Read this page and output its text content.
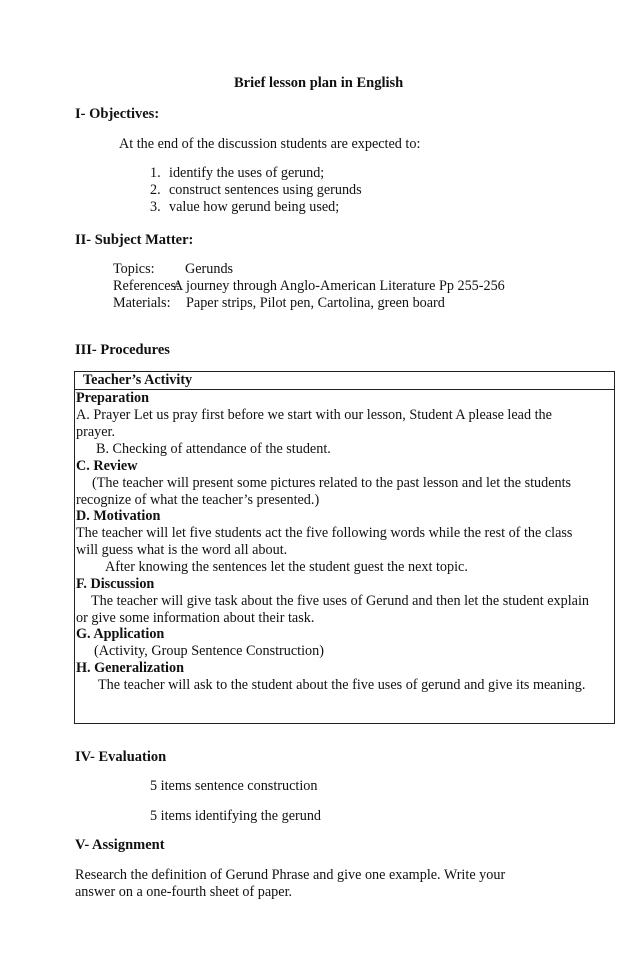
Brief lesson plan in English
I- Objectives:
At the end of the discussion students are expected to:
1. identify the uses of gerund;
2. construct sentences using gerunds
3. value how gerund being used;
II- Subject Matter:
Topics: Gerunds
References:
A journey through Anglo-American Literature Pp 255-256
Materials: Paper strips, Pilot pen, Cartolina, green board
III- Procedures
Teacher’s Activity
Preparation
A. Prayer Let us pray first before we start with our lesson, Student A please lead the
prayer.
B. Checking of attendance of the student.
C. Review
(The teacher will present some pictures related to the past lesson and let the students
recognize of what the teacher’s presented.)
D. Motivation
The teacher will let five students act the five following words while the rest of the class
will guess what is the word all about.
After knowing the sentences let the student guest the next topic.
F. Discussion
The teacher will give task about the five uses of Gerund and then let the student explain
or give some information about their task.
G. Application
(Activity, Group Sentence Construction)
H. Generalization
The teacher will ask to the student about the five uses of gerund and give its meaning.
IV- Evaluation
5 items sentence construction
5 items identifying the gerund
V- Assignment
Research the definition of Gerund Phrase and give one example. Write your
answer on a one-fourth sheet of paper.
